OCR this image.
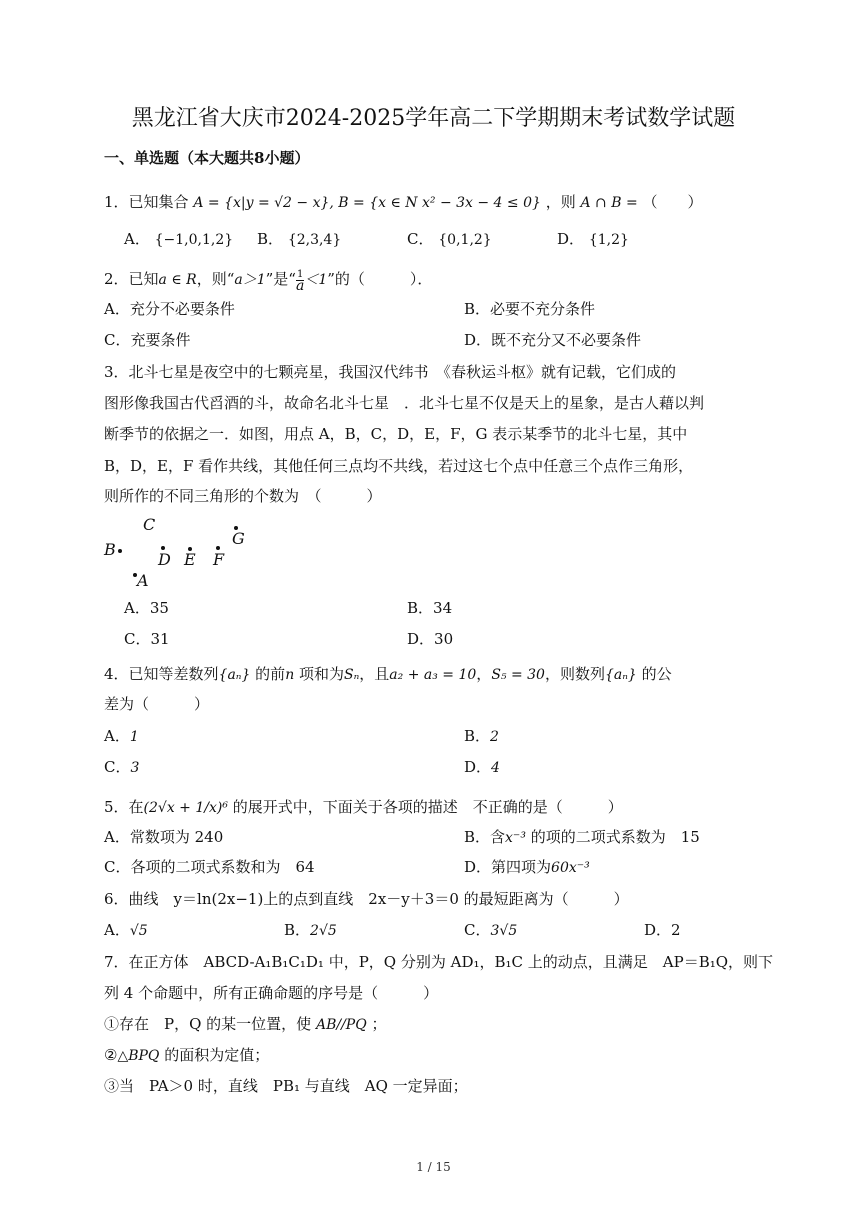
黑龙江省大庆市2024-2025学年高二下学期期末考试数学试题
一、单选题（本大题共8小题）
1．已知集合 A = {x|y = √2 − x}, B = {x ∈ N x² − 3x − 4 ≤ 0} ，则 A ∩ B = （　　）
A． {−1,0,1,2} B． {2,3,4}	C． {0,1,2}	D． {1,2}
2．已知a ∈ R，则“a＞1”是“ $\frac{1}{a} <1$”的（　　　）．
A．充分不必要条件	B．必要不充分条件
C．充要条件	D．既不充分又不必要条件
3．北斗七星是夜空中的七颗亮星，我国汉代纬书　《春秋运斗枢》就有记载，它们成的
图形像我国古代舀酒的斗，故命名北斗七星　．北斗七星不仅是天上的星象，是古人藉以判
断季节的依据之一．如图，用点 A，B，C，D，E，F，G 表示某季节的北斗七星，其中
B，D，E，F 看作共线，其他任何三点均不共线，若过这七个点中任意三个点作三角形，
则所作的不同三角形的个数为　（　　　）
B
A
C
D E F
G
A．35	B．34
C．31	D．30
4．已知等差数列{aₙ} 的前n 项和为Sₙ，且a₂ + a₃ = 10，S₅ = 30，则数列{aₙ} 的公
差为（　　　）
A．1	B．2
C．3	D．4
5．在(2√x + 1/x)⁶ 的展开式中，下面关于各项的描述　不正确的是（　　　）
A．常数项为 240	B．含x⁻³ 的项的二项式系数为　15
C．各项的二项式系数和为　64	D．第四项为60x⁻³
6．曲线　y＝ln(2x−1)上的点到直线　2x－y＋3＝0 的最短距离为（　　　）
A．√5	B．2√5	C．3√5	D．2
7．在正方体　ABCD-A₁B₁C₁D₁ 中，P，Q 分别为 AD₁，B₁C 上的动点，且满足　AP＝B₁Q，则下
列 4 个命题中，所有正确命题的序号是（　　　）
①存在　P，Q 的某一位置，使 AB//PQ ；
②△BPQ 的面积为定值；
③当　PA＞0 时，直线　PB₁ 与直线　AQ 一定异面；
1 / 15
